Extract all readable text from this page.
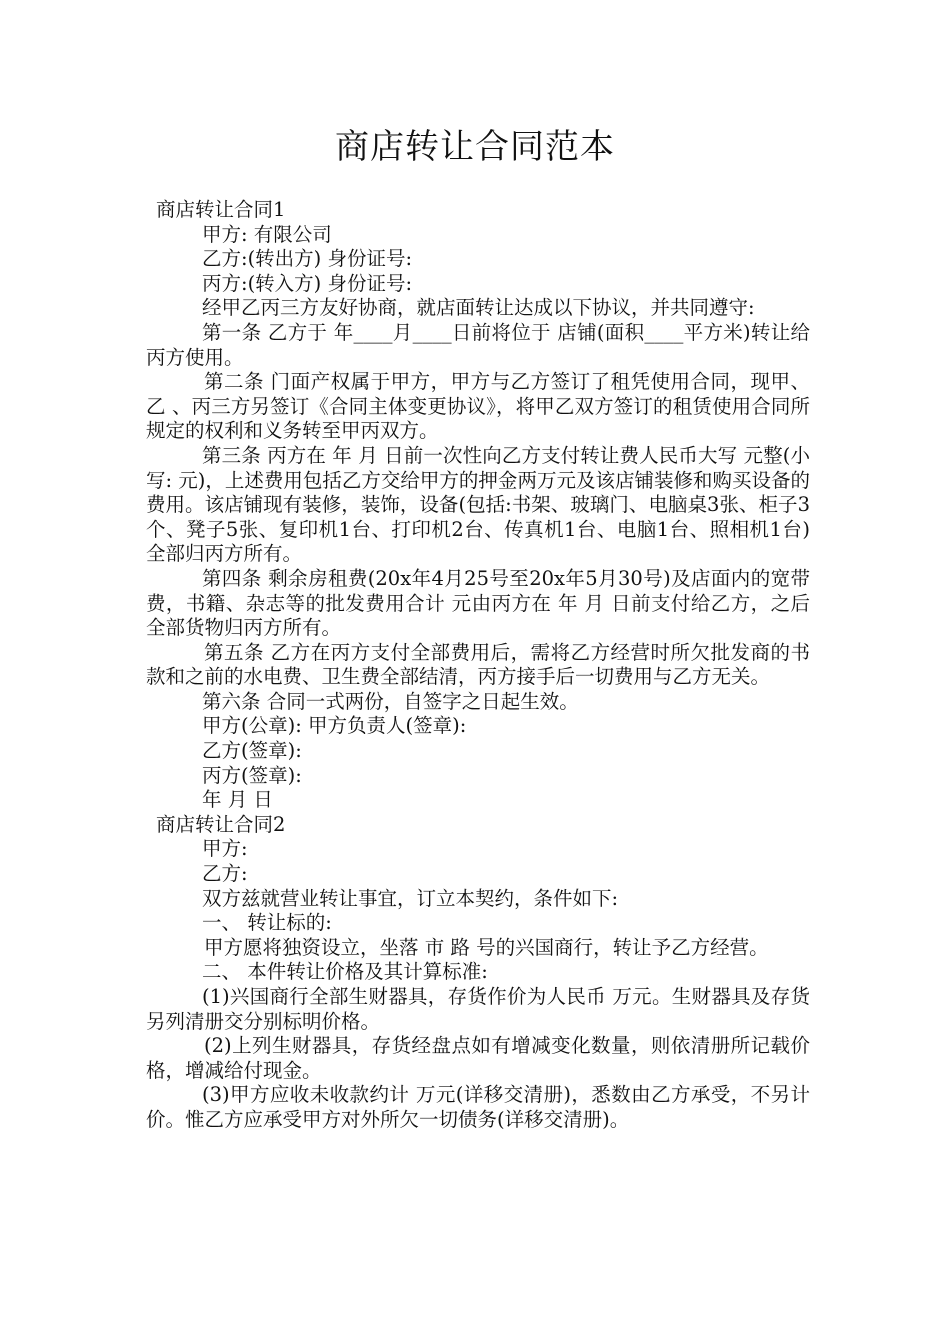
商店转让合同范本

商店转让合同1

甲方: 有限公司

乙方:(转出方) 身份证号:

丙方:(转入方) 身份证号:

经甲乙丙三方友好协商，就店面转让达成以下协议，并共同遵守:

第一条 乙方于 年____月____日前将位于 店铺(面积____平方米)转让给丙方使用。

第二条 门面产权属于甲方，甲方与乙方签订了租凭使用合同，现甲、乙 、丙三方另签订《合同主体变更协议》，将甲乙双方签订的租赁使用合同所规定的权利和义务转至甲丙双方。

第三条 丙方在 年 月 日前一次性向乙方支付转让费人民币大写 元整(小写: 元)，上述费用包括乙方交给甲方的押金两万元及该店铺装修和购买设备的费用。该店铺现有装修，装饰，设备(包括:书架、玻璃门、电脑桌3张、柜子3个、凳子5张、复印机1台、打印机2台、传真机1台、电脑1台、照相机1台)全部归丙方所有。

第四条 剩余房租费(20x年4月25号至20x年5月30号)及店面内的宽带费，书籍、杂志等的批发费用合计 元由丙方在 年 月 日前支付给乙方，之后全部货物归丙方所有。

第五条 乙方在丙方支付全部费用后，需将乙方经营时所欠批发商的书款和之前的水电费、卫生费全部结清，丙方接手后一切费用与乙方无关。

第六条 合同一式两份，自签字之日起生效。

甲方(公章): 甲方负责人(签章):

乙方(签章):

丙方(签章):

年 月 日

商店转让合同2

甲方:

乙方:

双方兹就营业转让事宜，订立本契约，条件如下:

一、 转让标的:

甲方愿将独资设立，坐落 市 路 号的兴国商行，转让予乙方经营。

二、 本件转让价格及其计算标准:

(1)兴国商行全部生财器具，存货作价为人民币 万元。生财器具及存货另列清册交分别标明价格。

(2)上列生财器具，存货经盘点如有增减变化数量，则依清册所记载价格，增减给付现金。

(3)甲方应收未收款约计 万元(详移交清册)，悉数由乙方承受，不另计价。惟乙方应承受甲方对外所欠一切债务(详移交清册)。
